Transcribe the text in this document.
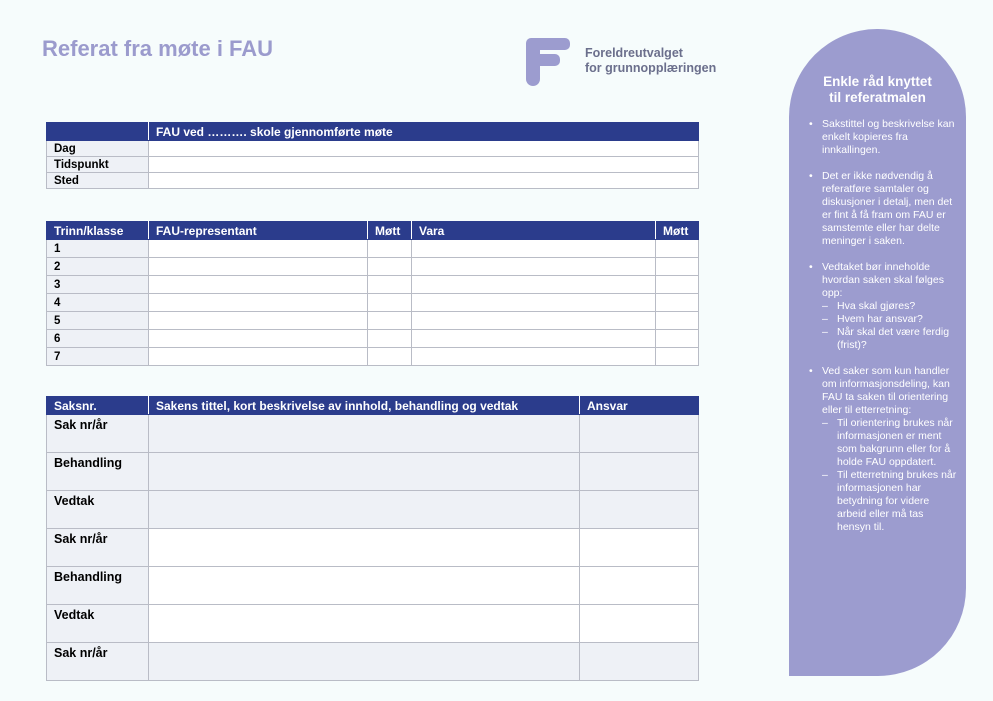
Referat fra møte i FAU	Foreldreutvalget
for grunnopplæringen
	FAU ved ………. skole gjennomførte møte
Dag	
Tidspunkt	
Sted	
Trinn/klasse	FAU-representant	Møtt	Vara	Møtt
1				
2				
3				
4				
5				
6				
7				
Saksnr.	Sakens tittel, kort beskrivelse av innhold, behandling og vedtak	Ansvar
Sak nr/år		
Behandling		
Vedtak		
Sak nr/år		
Behandling		
Vedtak		
Sak nr/år		
Enkle råd knyttet
til referatmalen
• Sakstittel og beskrivelse kan enkelt kopieres fra innkallingen.
• Det er ikke nødvendig å referatføre samtaler og diskusjoner i detalj, men det er fint å få fram om FAU er samstemte eller har delte meninger i saken.
• Vedtaket bør inneholde hvordan saken skal følges opp:
– Hva skal gjøres?
– Hvem har ansvar?
– Når skal det være ferdig (frist)?
• Ved saker som kun handler om informasjonsdeling, kan FAU ta saken til orientering eller til etterretning:
– Til orientering brukes når informasjonen er ment som bakgrunn eller for å holde FAU oppdatert.
– Til etterretning brukes når informasjonen har betydning for videre arbeid eller må tas hensyn til.
